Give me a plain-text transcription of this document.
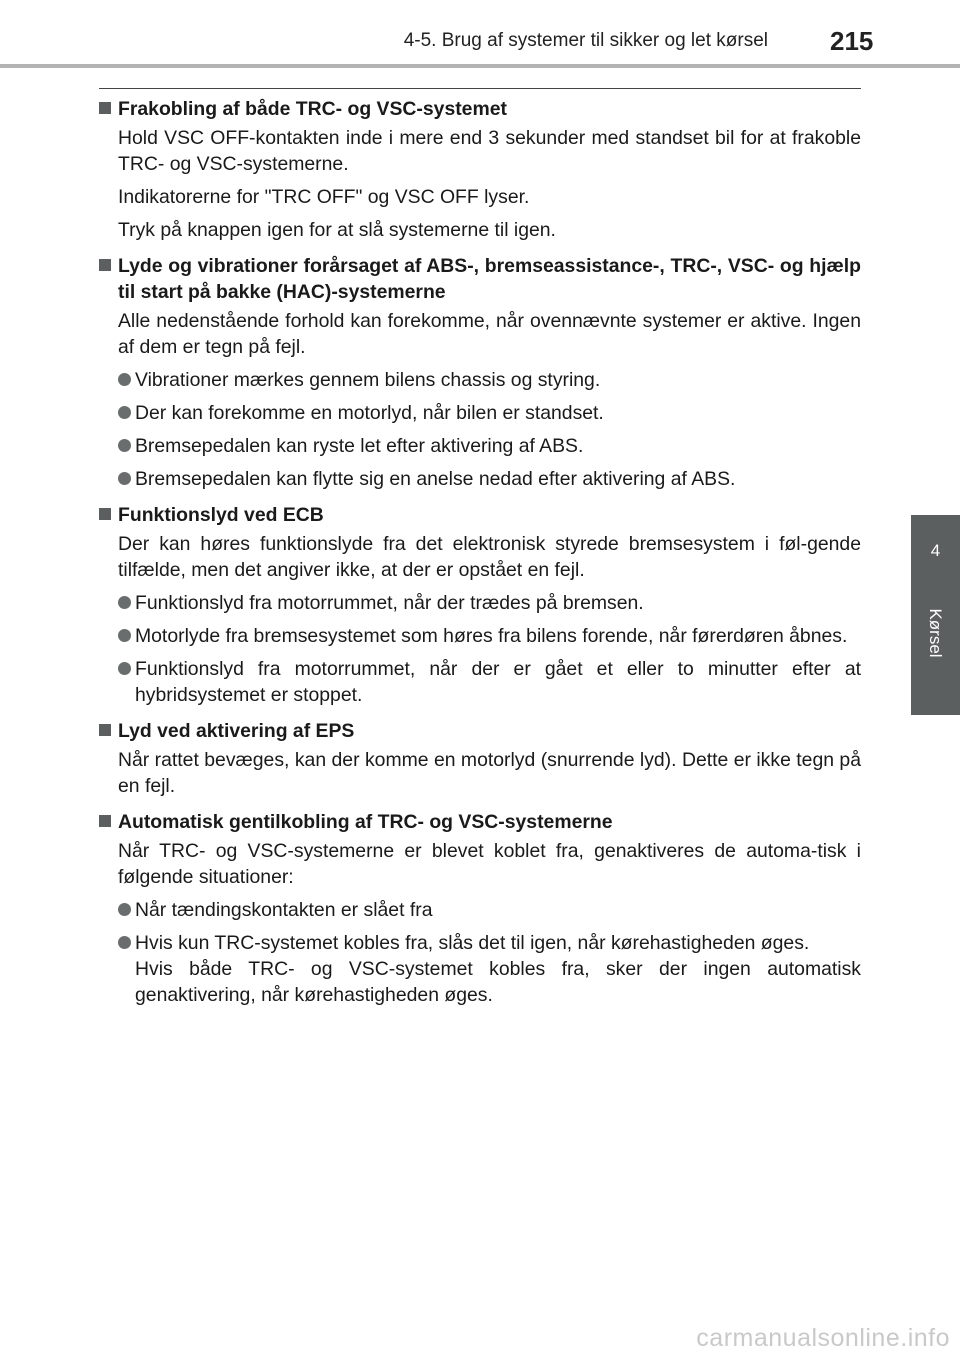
4-5. Brug af systemer til sikker og let kørsel 215
4
Kørsel
Frakobling af både TRC- og VSC-systemet
Hold VSC OFF-kontakten inde i mere end 3 sekunder med standset bil for at frakoble TRC- og VSC-systemerne.
Indikatorerne for "TRC OFF" og VSC OFF lyser.
Tryk på knappen igen for at slå systemerne til igen.
Lyde og vibrationer forårsaget af ABS-, bremseassistance-, TRC-, VSC- og hjælp til start på bakke (HAC)-systemerne
Alle nedenstående forhold kan forekomme, når ovennævnte systemer er aktive. Ingen af dem er tegn på fejl.
Vibrationer mærkes gennem bilens chassis og styring.
Der kan forekomme en motorlyd, når bilen er standset.
Bremsepedalen kan ryste let efter aktivering af ABS.
Bremsepedalen kan flytte sig en anelse nedad efter aktivering af ABS.
Funktionslyd ved ECB
Der kan høres funktionslyde fra det elektronisk styrede bremsesystem i føl-gende tilfælde, men det angiver ikke, at der er opstået en fejl.
Funktionslyd fra motorrummet, når der trædes på bremsen.
Motorlyde fra bremsesystemet som høres fra bilens forende, når førerdøren åbnes.
Funktionslyd fra motorrummet, når der er gået et eller to minutter efter at hybridsystemet er stoppet.
Lyd ved aktivering af EPS
Når rattet bevæges, kan der komme en motorlyd (snurrende lyd). Dette er ikke tegn på en fejl.
Automatisk gentilkobling af TRC- og VSC-systemerne
Når TRC- og VSC-systemerne er blevet koblet fra, genaktiveres de automa-tisk i følgende situationer:
Når tændingskontakten er slået fra
Hvis kun TRC-systemet kobles fra, slås det til igen, når kørehastigheden øges.
Hvis både TRC- og VSC-systemet kobles fra, sker der ingen automatisk genaktivering, når kørehastigheden øges.
carmanualsonline.info
